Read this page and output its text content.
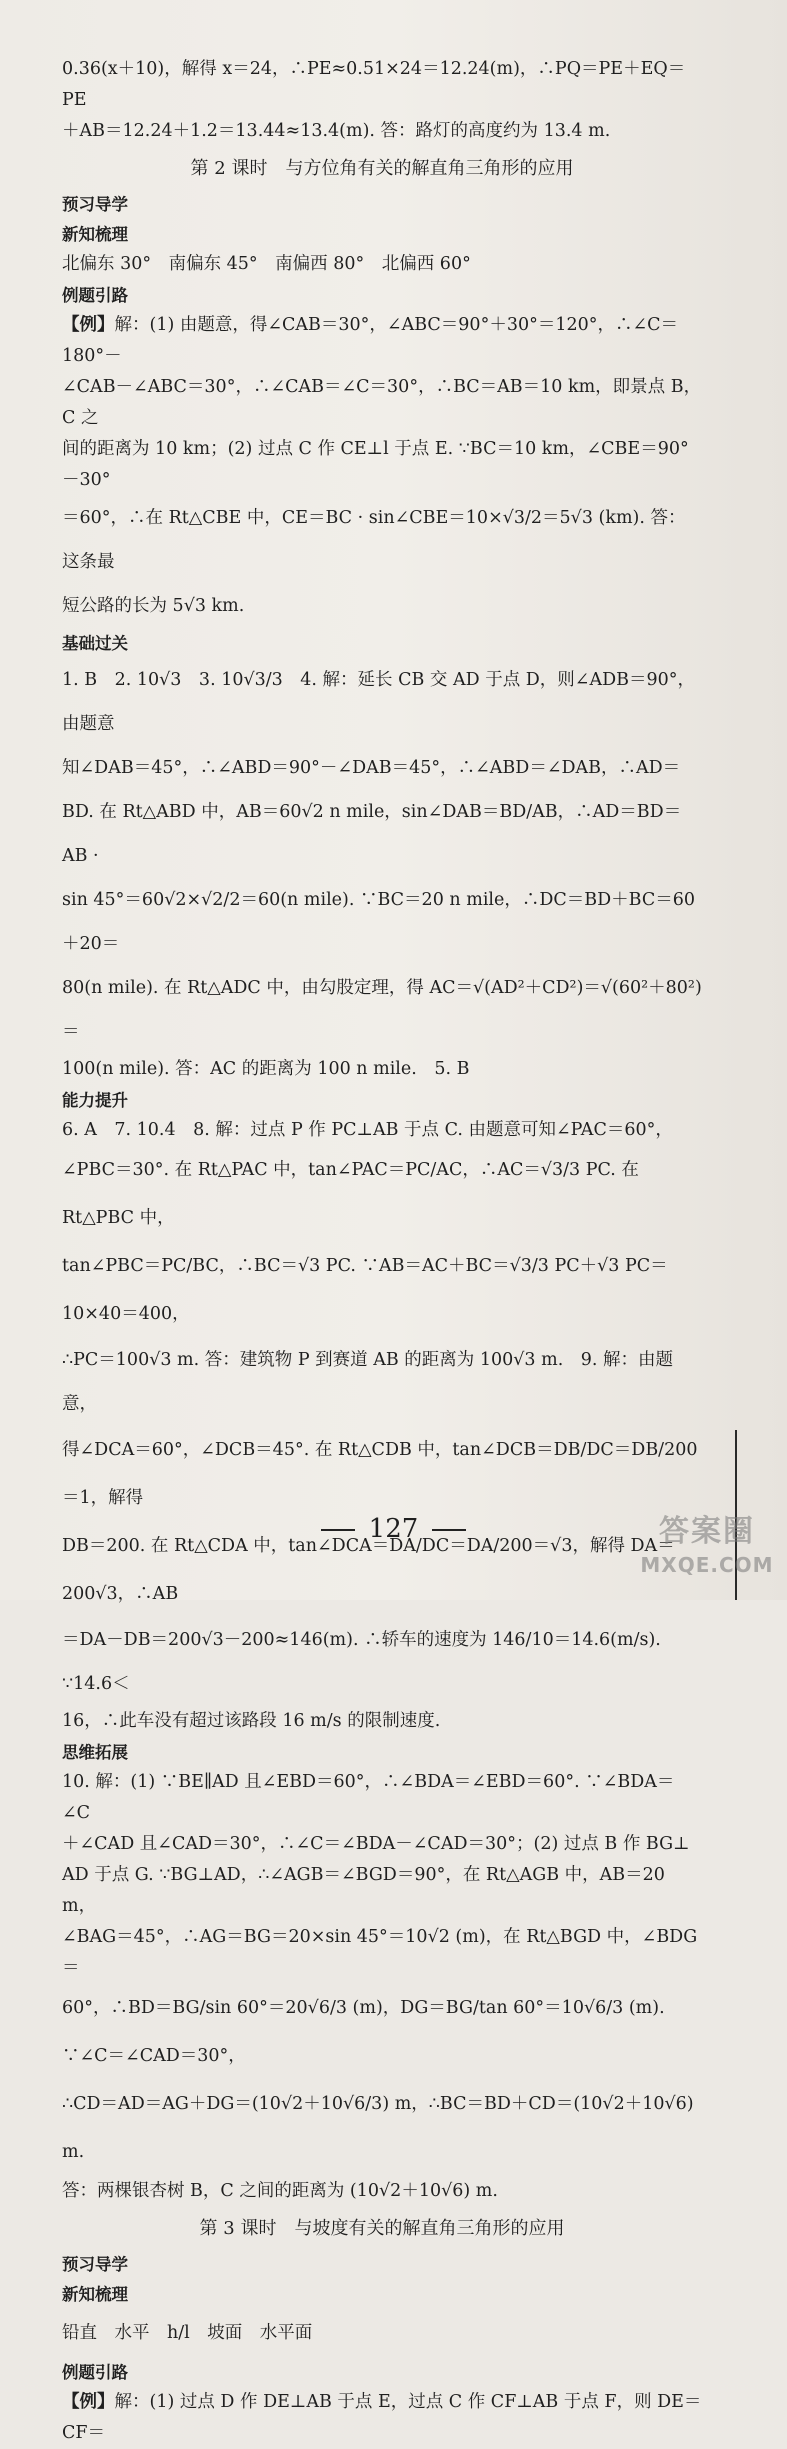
0.36(x＋10)，解得 x＝24，∴PE≈0.51×24＝12.24(m)，∴PQ＝PE＋EQ＝PE

＋AB＝12.24＋1.2＝13.44≈13.4(m). 答：路灯的高度约为 13.4 m.

第 2 课时　与方位角有关的解直角三角形的应用

预习导学

新知梳理

北偏东 30°　南偏东 45°　南偏西 80°　北偏西 60°

例题引路

【例】解：(1) 由题意，得∠CAB＝30°，∠ABC＝90°＋30°＝120°，∴∠C＝180°－

∠CAB－∠ABC＝30°，∴∠CAB＝∠C＝30°，∴BC＝AB＝10 km，即景点 B，C 之

间的距离为 10 km；(2) 过点 C 作 CE⊥l 于点 E. ∵BC＝10 km，∠CBE＝90°－30°

＝60°，∴在 Rt△CBE 中，CE＝BC · sin∠CBE＝10×√3/2＝5√3 (km). 答：这条最

短公路的长为 5√3 km.

基础过关

1. B　2. 10√3　3. 10√3/3　4. 解：延长 CB 交 AD 于点 D，则∠ADB＝90°，由题意

知∠DAB＝45°，∴∠ABD＝90°－∠DAB＝45°，∴∠ABD＝∠DAB，∴AD＝

BD. 在 Rt△ABD 中，AB＝60√2 n mile，sin∠DAB＝BD/AB，∴AD＝BD＝AB ·

sin 45°＝60√2×√2/2＝60(n mile). ∵BC＝20 n mile，∴DC＝BD＋BC＝60＋20＝

80(n mile). 在 Rt△ADC 中，由勾股定理，得 AC＝√(AD²＋CD²)＝√(60²＋80²)＝

100(n mile). 答：AC 的距离为 100 n mile.　5. B

能力提升

6. A　7. 10.4　8. 解：过点 P 作 PC⊥AB 于点 C. 由题意可知∠PAC＝60°，

∠PBC＝30°. 在 Rt△PAC 中，tan∠PAC＝PC/AC，∴AC＝√3/3 PC. 在 Rt△PBC 中，

tan∠PBC＝PC/BC，∴BC＝√3 PC. ∵AB＝AC＋BC＝√3/3 PC＋√3 PC＝10×40＝400，

∴PC＝100√3 m. 答：建筑物 P 到赛道 AB 的距离为 100√3 m.　9. 解：由题意，

得∠DCA＝60°，∠DCB＝45°. 在 Rt△CDB 中，tan∠DCB＝DB/DC＝DB/200＝1，解得

DB＝200. 在 Rt△CDA 中，tan∠DCA＝DA/DC＝DA/200＝√3，解得 DA＝200√3，∴AB

＝DA－DB＝200√3－200≈146(m). ∴轿车的速度为 146/10＝14.6(m/s). ∵14.6＜

16，∴此车没有超过该路段 16 m/s 的限制速度.

思维拓展

10. 解：(1) ∵BE∥AD 且∠EBD＝60°，∴∠BDA＝∠EBD＝60°. ∵∠BDA＝∠C

＋∠CAD 且∠CAD＝30°，∴∠C＝∠BDA－∠CAD＝30°；(2) 过点 B 作 BG⊥

AD 于点 G. ∵BG⊥AD，∴∠AGB＝∠BGD＝90°，在 Rt△AGB 中，AB＝20 m，

∠BAG＝45°，∴AG＝BG＝20×sin 45°＝10√2 (m)，在 Rt△BGD 中，∠BDG＝

60°，∴BD＝BG/sin 60°＝20√6/3 (m)，DG＝BG/tan 60°＝10√6/3 (m). ∵∠C＝∠CAD＝30°，

∴CD＝AD＝AG＋DG＝(10√2＋10√6/3) m，∴BC＝BD＋CD＝(10√2＋10√6) m.

答：两棵银杏树 B，C 之间的距离为 (10√2＋10√6) m.

第 3 课时　与坡度有关的解直角三角形的应用

预习导学

新知梳理

铅直　水平　h/l　坡面　水平面

例题引路

【例】解：(1) 过点 D 作 DE⊥AB 于点 E，过点 C 作 CF⊥AB 于点 F，则 DE＝CF＝

127	答案圈
MXQE.COM
